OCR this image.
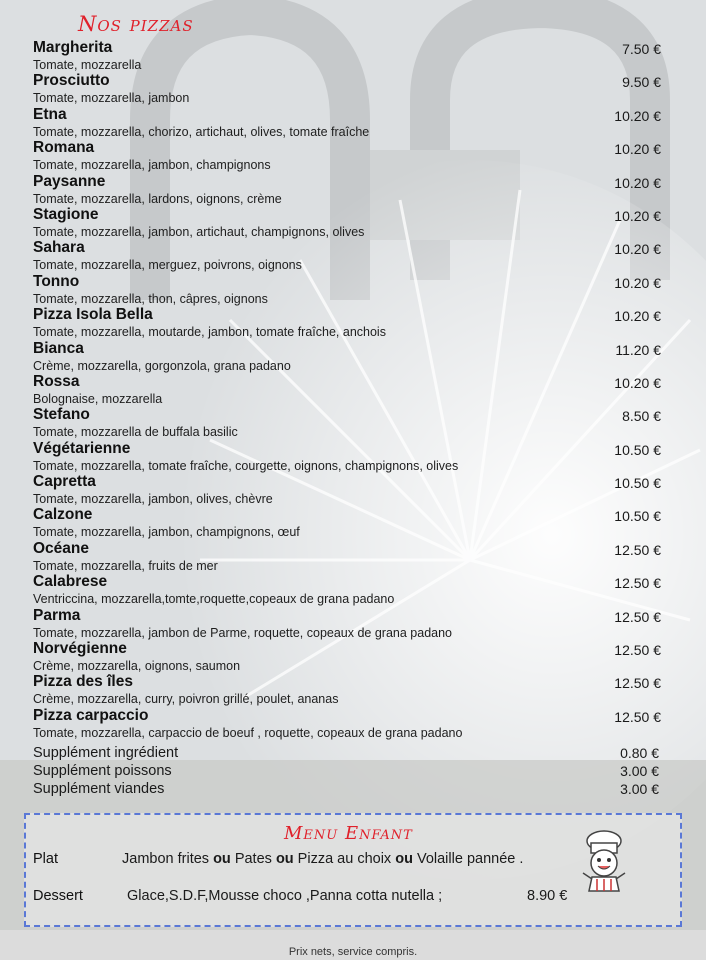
Nos pizzas
Margherita
Tomate, mozzarella
7.50 €
Prosciutto
Tomate, mozzarella, jambon
9.50 €
Etna
Tomate, mozzarella, chorizo, artichaut, olives, tomate fraîche
10.20 €
Romana
Tomate, mozzarella, jambon, champignons
10.20 €
Paysanne
Tomate, mozzarella, lardons, oignons, crème
10.20 €
Stagione
Tomate, mozzarella, jambon, artichaut, champignons, olives
10.20 €
Sahara
Tomate, mozzarella, merguez, poivrons, oignons
10.20 €
Tonno
Tomate, mozzarella, thon, câpres, oignons
10.20 €
Pizza Isola Bella
Tomate, mozzarella, moutarde, jambon, tomate fraîche, anchois
10.20 €
Bianca
Crème, mozzarella, gorgonzola, grana padano
11.20 €
Rossa
Bolognaise, mozzarella
10.20 €
Stefano
Tomate, mozzarella de buffala basilic
8.50 €
Végétarienne
Tomate, mozzarella, tomate fraîche, courgette, oignons, champignons, olives
10.50 €
Capretta
Tomate, mozzarella, jambon, olives, chèvre
10.50 €
Calzone
Tomate, mozzarella, jambon, champignons, œuf
10.50 €
Océane
Tomate, mozzarella, fruits de mer
12.50 €
Calabrese
Ventriccina, mozzarella,tomte,roquette,copeaux de grana padano
12.50 €
Parma
Tomate, mozzarella, jambon de Parme, roquette, copeaux de grana padano
12.50 €
Norvégienne
Crème, mozzarella, oignons, saumon
12.50 €
Pizza des îles
Crème, mozzarella, curry, poivron grillé, poulet, ananas
12.50 €
Pizza carpaccio
Tomate, mozzarella, carpaccio de boeuf , roquette, copeaux de grana padano
12.50 €
Supplément ingrédient	0.80 €
Supplément poissons	3.00 €
Supplément viandes	3.00 €
Menu Enfant
Plat	Jambon frites ou Pates ou Pizza au choix ou Volaille pannée .
Dessert	Glace,S.D.F,Mousse choco ,Panna cotta nutella ;	8.90 €
Prix nets, service compris.
